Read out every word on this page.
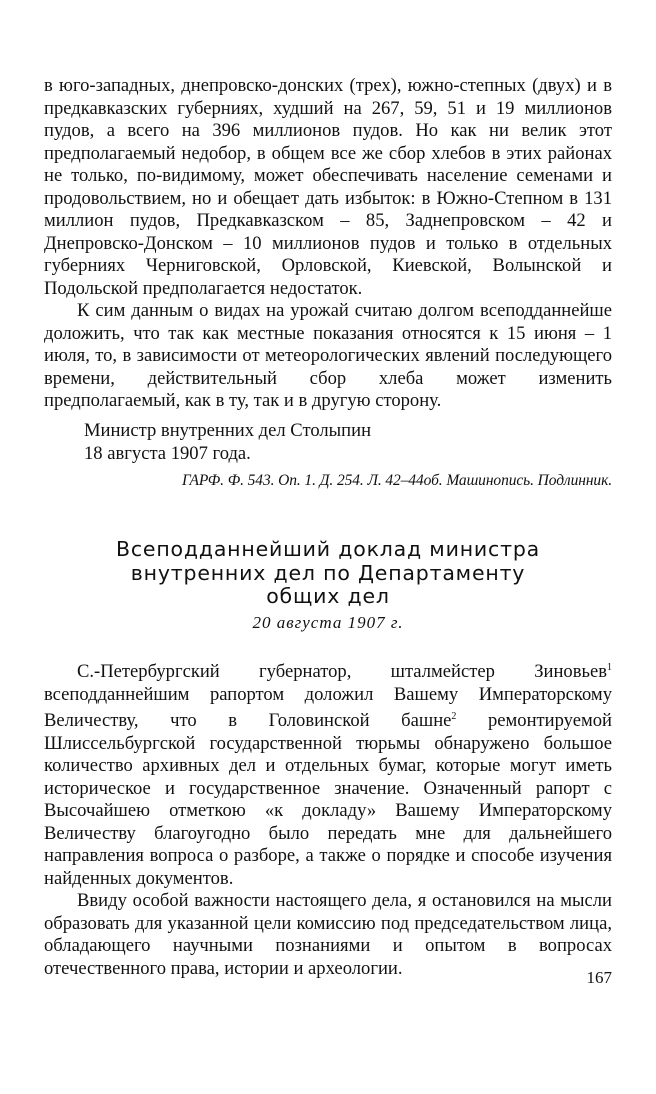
в юго-западных, днепровско-донских (трех), южно-степных (двух) и в предкавказских губерниях, худший на 267, 59, 51 и 19 миллионов пудов, а всего на 396 миллионов пудов. Но как ни велик этот предполагаемый недобор, в общем все же сбор хлебов в этих районах не только, по-видимому, может обеспечивать население семенами и продовольствием, но и обещает дать избыток: в Южно-Степном в 131 миллион пудов, Предкавказском – 85, Заднепровском – 42 и Днепровско-Донском – 10 миллионов пудов и только в отдельных губерниях Черниговской, Орловской, Киевской, Волынской и Подольской предполагается недостаток.

К сим данным о видах на урожай считаю долгом всеподданнейше доложить, что так как местные показания относятся к 15 июня – 1 июля, то, в зависимости от метеорологических явлений последующего времени, действительный сбор хлеба может изменить предполагаемый, как в ту, так и в другую сторону.

Министр внутренних дел Столыпин
18 августа 1907 года.
ГАРФ. Ф. 543. Оп. 1. Д. 254. Л. 42–44об. Машинопись. Подлинник.
Всеподданнейший доклад министра
внутренних дел по Департаменту
общих дел
20 августа 1907 г.

С.-Петербургский губернатор, шталмейстер Зиновьев$^1$ всеподданнейшим рапортом доложил Вашему Императорскому Величеству, что в Головинской башне$^2$ ремонтируемой Шлиссельбургской государственной тюрьмы обнаружено большое количество архивных дел и отдельных бумаг, которые могут иметь историческое и государственное значение. Означенный рапорт с Высочайшею отметкою «к докладу» Вашему Императорскому Величеству благоугодно было передать мне для дальнейшего направления вопроса о разборе, а также о порядке и способе изучения найденных документов.

Ввиду особой важности настоящего дела, я остановился на мысли образовать для указанной цели комиссию под председательством лица, обладающего научными познаниями и опытом в вопросах отечественного права, истории и археологии.	167
